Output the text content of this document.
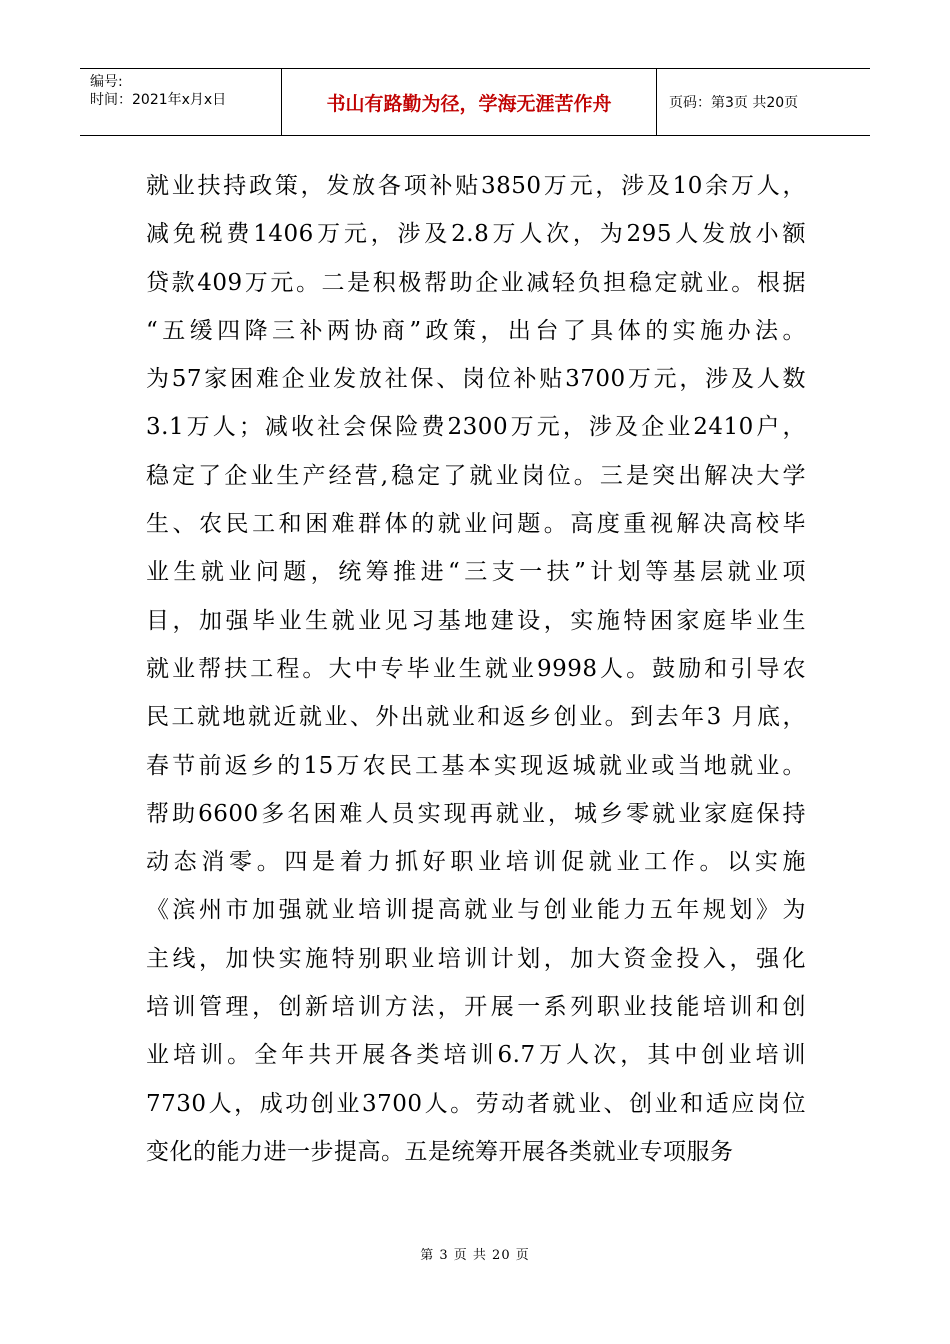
编号:
时间：2021年x月x日	书山有路勤为径，学海无涯苦作舟	页码：第3页 共20页
就业扶持政策，发放各项补贴3850万元，涉及10余万人，
减免税费1406万元，涉及2.8万人次，为295人发放小额
贷款409万元。二是积极帮助企业减轻负担稳定就业。根据
“五缓四降三补两协商”政策，出台了具体的实施办法。
为57家困难企业发放社保、岗位补贴3700万元，涉及人数
3.1万人；减收社会保险费2300万元，涉及企业2410户，
稳定了企业生产经营,稳定了就业岗位。三是突出解决大学
生、农民工和困难群体的就业问题。高度重视解决高校毕
业生就业问题，统筹推进“三支一扶”计划等基层就业项
目，加强毕业生就业见习基地建设，实施特困家庭毕业生
就业帮扶工程。大中专毕业生就业9998人。鼓励和引导农
民工就地就近就业、外出就业和返乡创业。到去年3 月底，
春节前返乡的15万农民工基本实现返城就业或当地就业。
帮助6600多名困难人员实现再就业，城乡零就业家庭保持
动态消零。四是着力抓好职业培训促就业工作。以实施
《滨州市加强就业培训提高就业与创业能力五年规划》为
主线，加快实施特别职业培训计划，加大资金投入，强化
培训管理，创新培训方法，开展一系列职业技能培训和创
业培训。全年共开展各类培训6.7万人次，其中创业培训
7730人，成功创业3700人。劳动者就业、创业和适应岗位
变化的能力进一步提高。五是统筹开展各类就业专项服务
第 3 页 共 20 页
